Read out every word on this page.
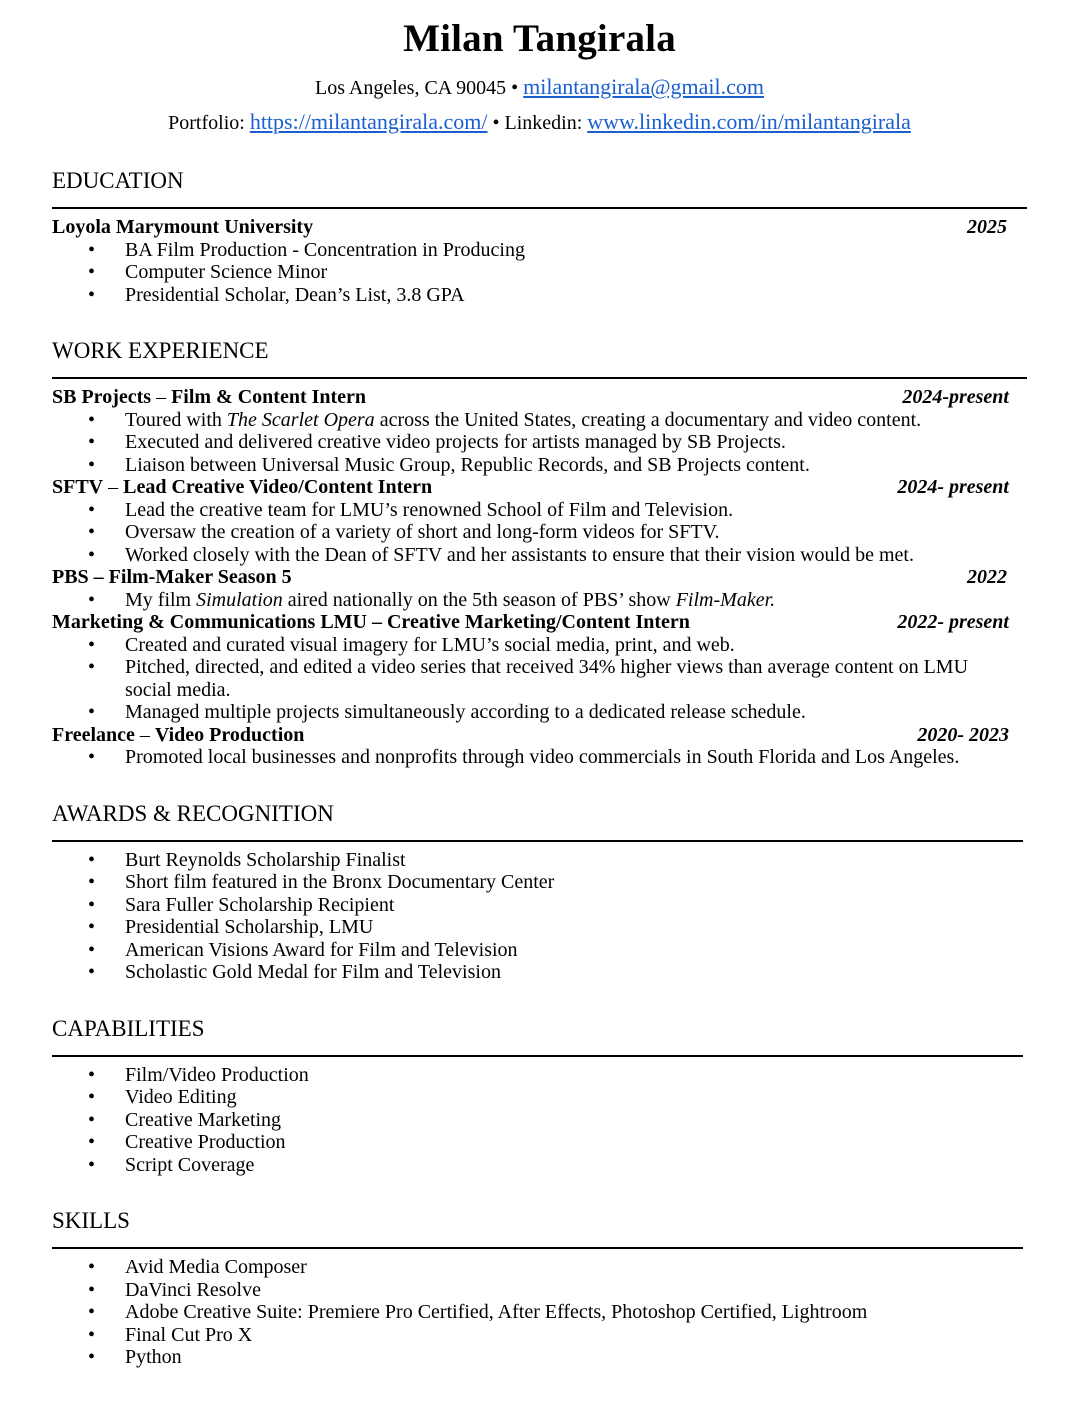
Milan Tangirala
Los Angeles, CA 90045 • milantangirala@gmail.com
Portfolio: https://milantangirala.com/ • Linkedin: www.linkedin.com/in/milantangirala
EDUCATION
Loyola Marymount University	2025
• BA Film Production - Concentration in Producing
• Computer Science Minor
• Presidential Scholar, Dean’s List, 3.8 GPA
WORK EXPERIENCE
SB Projects – Film & Content Intern	2024-present
• Toured with The Scarlet Opera across the United States, creating a documentary and video content.
• Executed and delivered creative video projects for artists managed by SB Projects.
• Liaison between Universal Music Group, Republic Records, and SB Projects content.
SFTV – Lead Creative Video/Content Intern	2024- present
• Lead the creative team for LMU’s renowned School of Film and Television.
• Oversaw the creation of a variety of short and long-form videos for SFTV.
• Worked closely with the Dean of SFTV and her assistants to ensure that their vision would be met.
PBS – Film-Maker Season 5	2022
• My film Simulation aired nationally on the 5th season of PBS’ show Film-Maker.
Marketing & Communications LMU – Creative Marketing/Content Intern	2022- present
• Created and curated visual imagery for LMU’s social media, print, and web.
• Pitched, directed, and edited a video series that received 34% higher views than average content on LMU social media.
• Managed multiple projects simultaneously according to a dedicated release schedule.
Freelance – Video Production	2020- 2023
• Promoted local businesses and nonprofits through video commercials in South Florida and Los Angeles.
AWARDS & RECOGNITION
• Burt Reynolds Scholarship Finalist
• Short film featured in the Bronx Documentary Center
• Sara Fuller Scholarship Recipient
• Presidential Scholarship, LMU
• American Visions Award for Film and Television
• Scholastic Gold Medal for Film and Television
CAPABILITIES
• Film/Video Production
• Video Editing
• Creative Marketing
• Creative Production
• Script Coverage
SKILLS
• Avid Media Composer
• DaVinci Resolve
• Adobe Creative Suite: Premiere Pro Certified, After Effects, Photoshop Certified, Lightroom
• Final Cut Pro X
• Python
